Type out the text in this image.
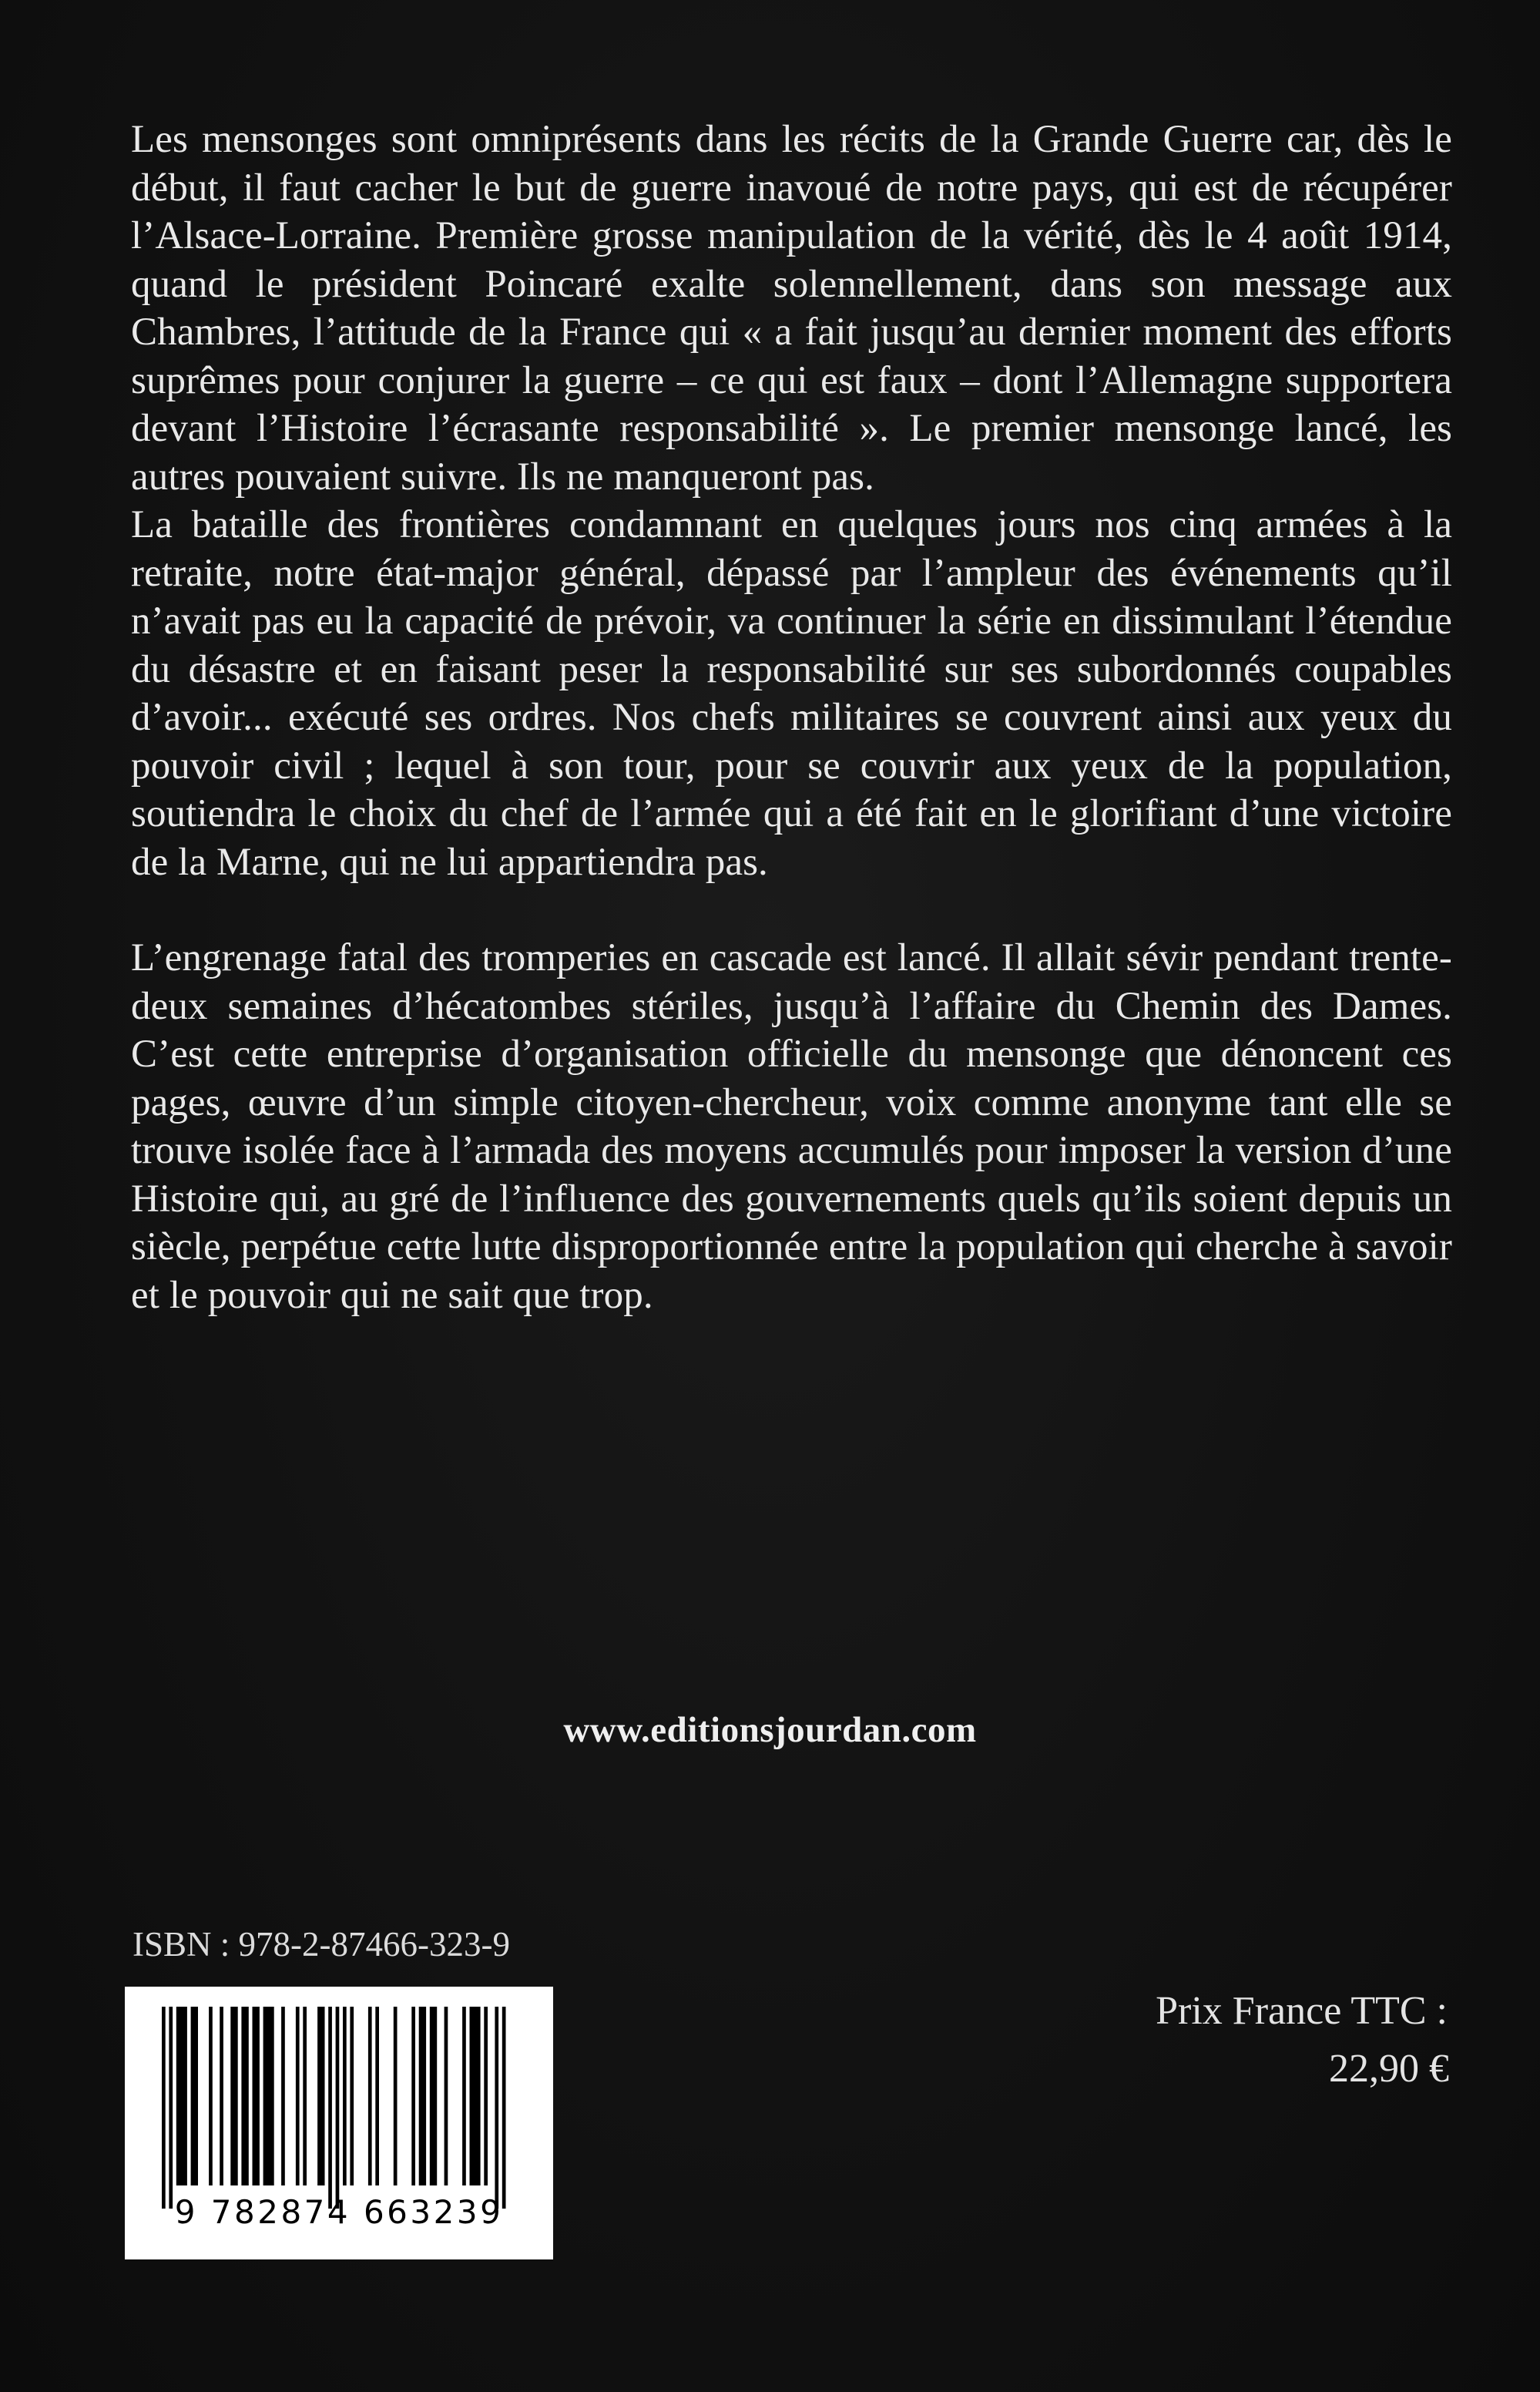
Les mensonges sont omniprésents dans les récits de la Grande Guerre car, dès le début, il faut cacher le but de guerre inavoué de notre pays, qui est de récupérer l’Alsace-Lorraine. Première grosse manipulation de la vérité, dès le 4 août 1914, quand le président Poincaré exalte solennellement, dans son message aux Chambres, l’attitude de la France qui « a fait jusqu’au dernier moment des efforts suprêmes pour conjurer la guerre – ce qui est faux – dont l’Allemagne supportera devant l’Histoire l’écrasante responsabilité ». Le premier mensonge lancé, les autres pouvaient suivre. Ils ne manqueront pas.

La bataille des frontières condamnant en quelques jours nos cinq armées à la retraite, notre état-major général, dépassé par l’ampleur des événements qu’il n’avait pas eu la capacité de prévoir, va continuer la série en dissimulant l’étendue du désastre et en faisant peser la responsabilité sur ses subordonnés coupables d’avoir... exécuté ses ordres. Nos chefs militaires se couvrent ainsi aux yeux du pouvoir civil ; lequel à son tour, pour se couvrir aux yeux de la population, soutiendra le choix du chef de l’armée qui a été fait en le glorifiant d’une victoire de la Marne, qui ne lui appartiendra pas.

L’engrenage fatal des tromperies en cascade est lancé. Il allait sévir pendant trente-deux semaines d’hécatombes stériles, jusqu’à l’affaire du Chemin des Dames. C’est cette entreprise d’organisation officielle du mensonge que dénoncent ces pages, œuvre d’un simple citoyen-chercheur, voix comme anonyme tant elle se trouve isolée face à l’armada des moyens accumulés pour imposer la version d’une Histoire qui, au gré de l’influence des gouvernements quels qu’ils soient depuis un siècle, perpétue cette lutte disproportionnée entre la population qui cherche à savoir et le pouvoir qui ne sait que trop.

www.editionsjourdan.com
ISBN : 978-2-87466-323-9
9 782874 663239
Prix France TTC :
22,90 €
